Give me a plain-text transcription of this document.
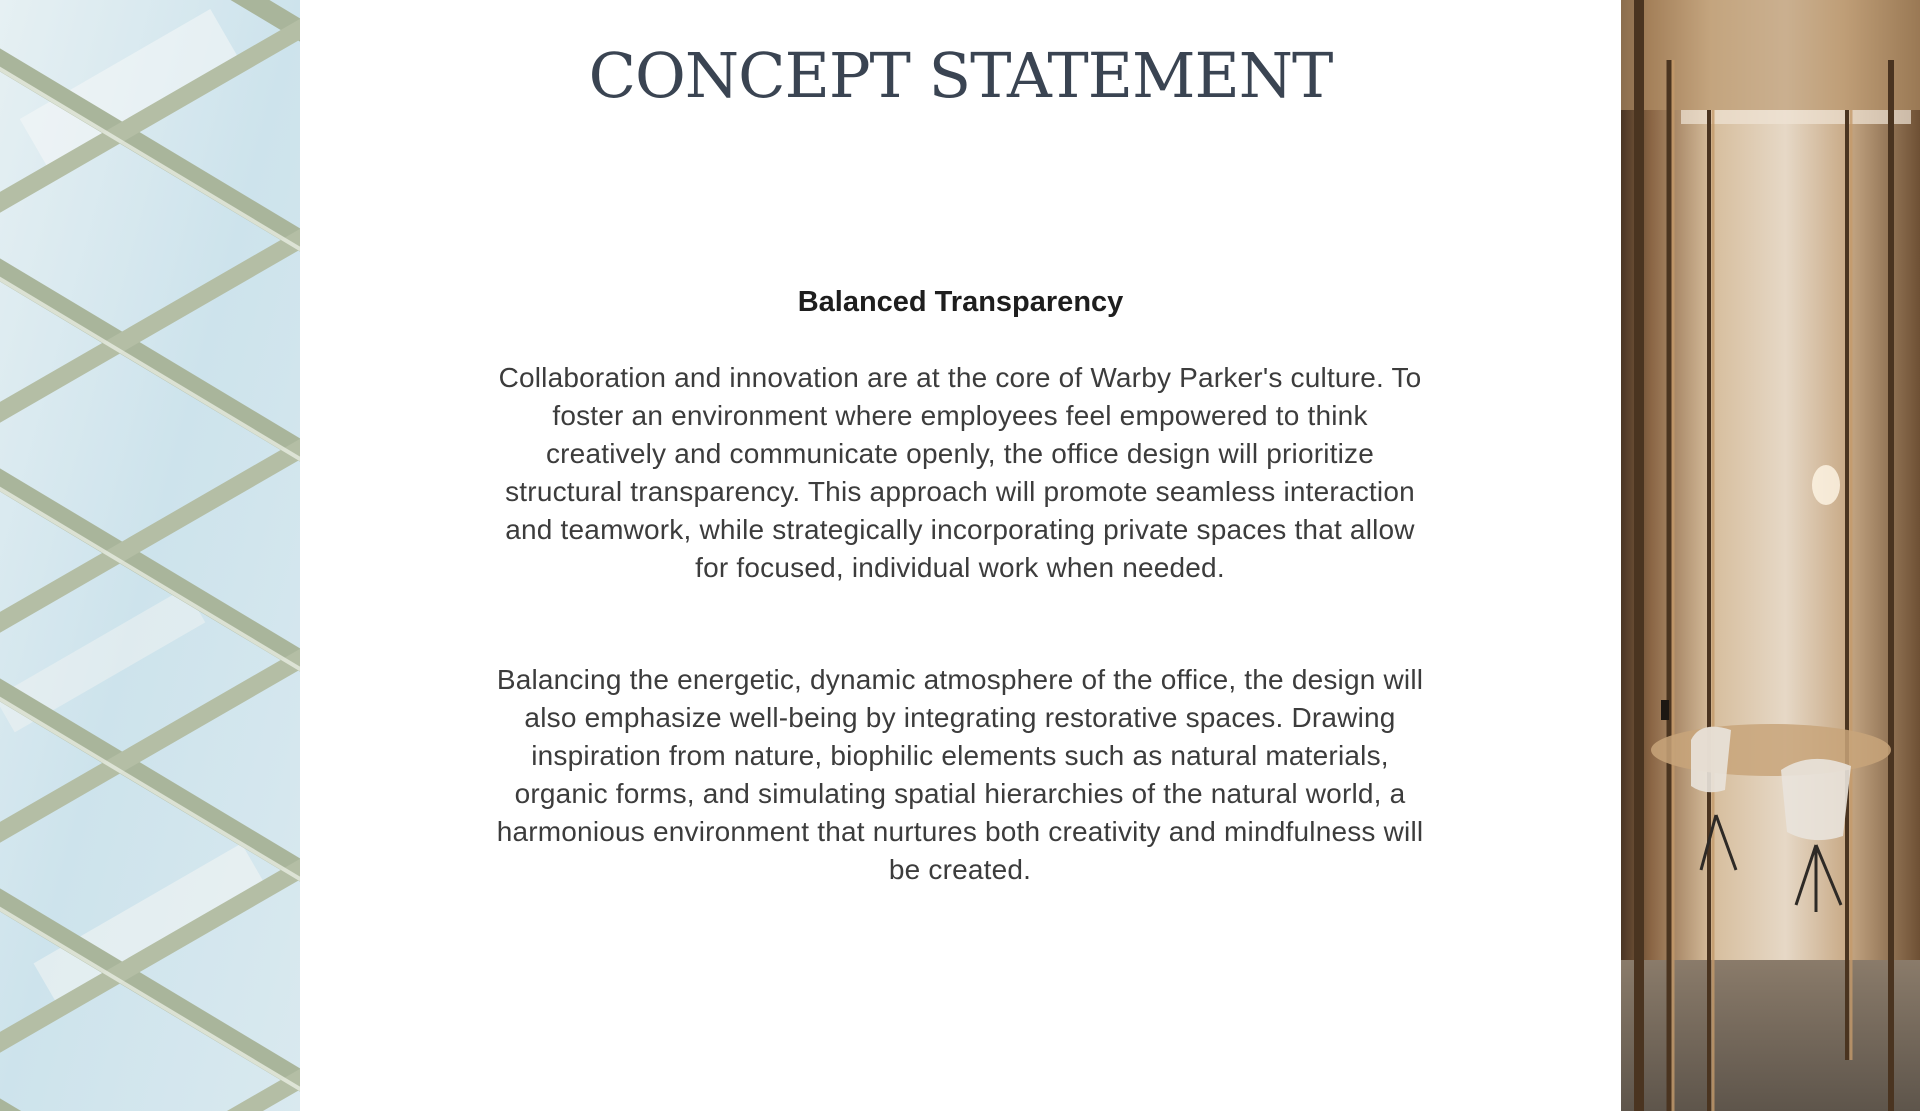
CONCEPT STATEMENT
Balanced Transparency

Collaboration and innovation are at the core of Warby Parker's culture. To foster an environment where employees feel empowered to think creatively and communicate openly, the office design will prioritize structural transparency. This approach will promote seamless interaction and teamwork, while strategically incorporating private spaces that allow for focused, individual work when needed.

Balancing the energetic, dynamic atmosphere of the office, the design will also emphasize well-being by integrating restorative spaces. Drawing inspiration from nature, biophilic elements such as natural materials, organic forms, and simulating spatial hierarchies of the natural world, a harmonious environment that nurtures both creativity and mindfulness will be created.
